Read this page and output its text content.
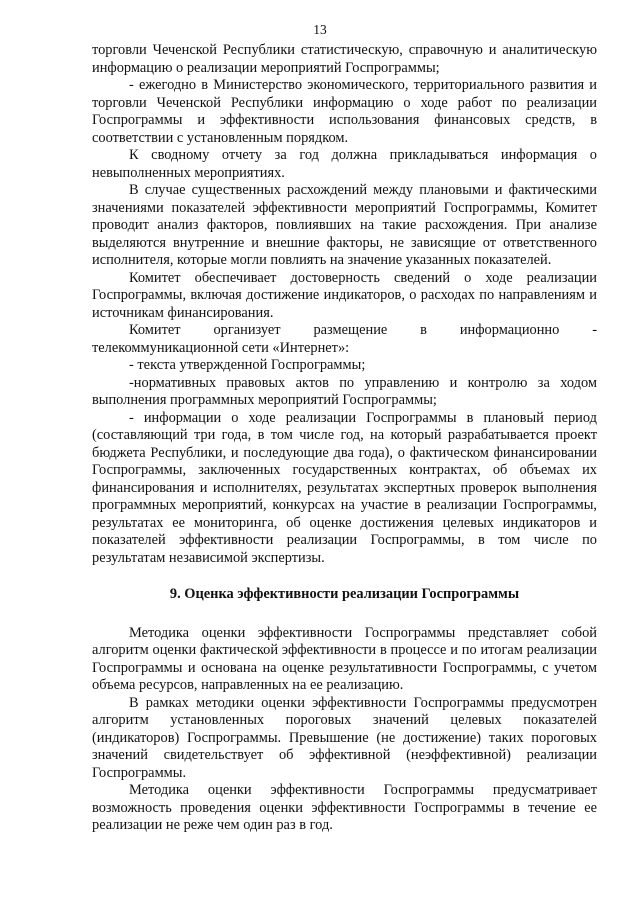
13

торговли Чеченской Республики статистическую, справочную и аналитическую информацию о реализации мероприятий Госпрограммы;

- ежегодно в Министерство экономического, территориального развития и торговли Чеченской Республики информацию о ходе работ по реализации Госпрограммы и эффективности использования финансовых средств, в соответствии с установленным порядком.

К сводному отчету за год должна прикладываться информация о невыполненных мероприятиях.

В случае существенных расхождений между плановыми и фактическими значениями показателей эффективности мероприятий Госпрограммы, Комитет проводит анализ факторов, повлиявших на такие расхождения. При анализе выделяются внутренние и внешние факторы, не зависящие от ответственного исполнителя, которые могли повлиять на значение указанных показателей.

Комитет обеспечивает достоверность сведений о ходе реализации Госпрограммы, включая достижение индикаторов, о расходах по направлениям и источникам финансирования.

Комитет организует размещение в информационно - телекоммуникационной сети «Интернет»:

- текста утвержденной Госпрограммы;

-нормативных правовых актов по управлению и контролю за ходом выполнения программных мероприятий Госпрограммы;

- информации о ходе реализации Госпрограммы в плановый период (составляющий три года, в том числе год, на который разрабатывается проект бюджета Республики, и последующие два года), о фактическом финансировании Госпрограммы, заключенных государственных контрактах, об объемах их финансирования и исполнителях, результатах экспертных проверок выполнения программных мероприятий, конкурсах на участие в реализации Госпрограммы, результатах ее мониторинга, об оценке достижения целевых индикаторов и показателей эффективности реализации Госпрограммы, в том числе по результатам независимой экспертизы.

9. Оценка эффективности реализации Госпрограммы

Методика оценки эффективности Госпрограммы представляет собой алгоритм оценки фактической эффективности в процессе и по итогам реализации Госпрограммы и основана на оценке результативности Госпрограммы, с учетом объема ресурсов, направленных на ее реализацию.

В рамках методики оценки эффективности Госпрограммы предусмотрен алгоритм установленных пороговых значений целевых показателей (индикаторов) Госпрограммы. Превышение (не достижение) таких пороговых значений свидетельствует об эффективной (неэффективной) реализации Госпрограммы.

Методика оценки эффективности Госпрограммы предусматривает возможность проведения оценки эффективности Госпрограммы в течение ее реализации не реже чем один раз в год.
